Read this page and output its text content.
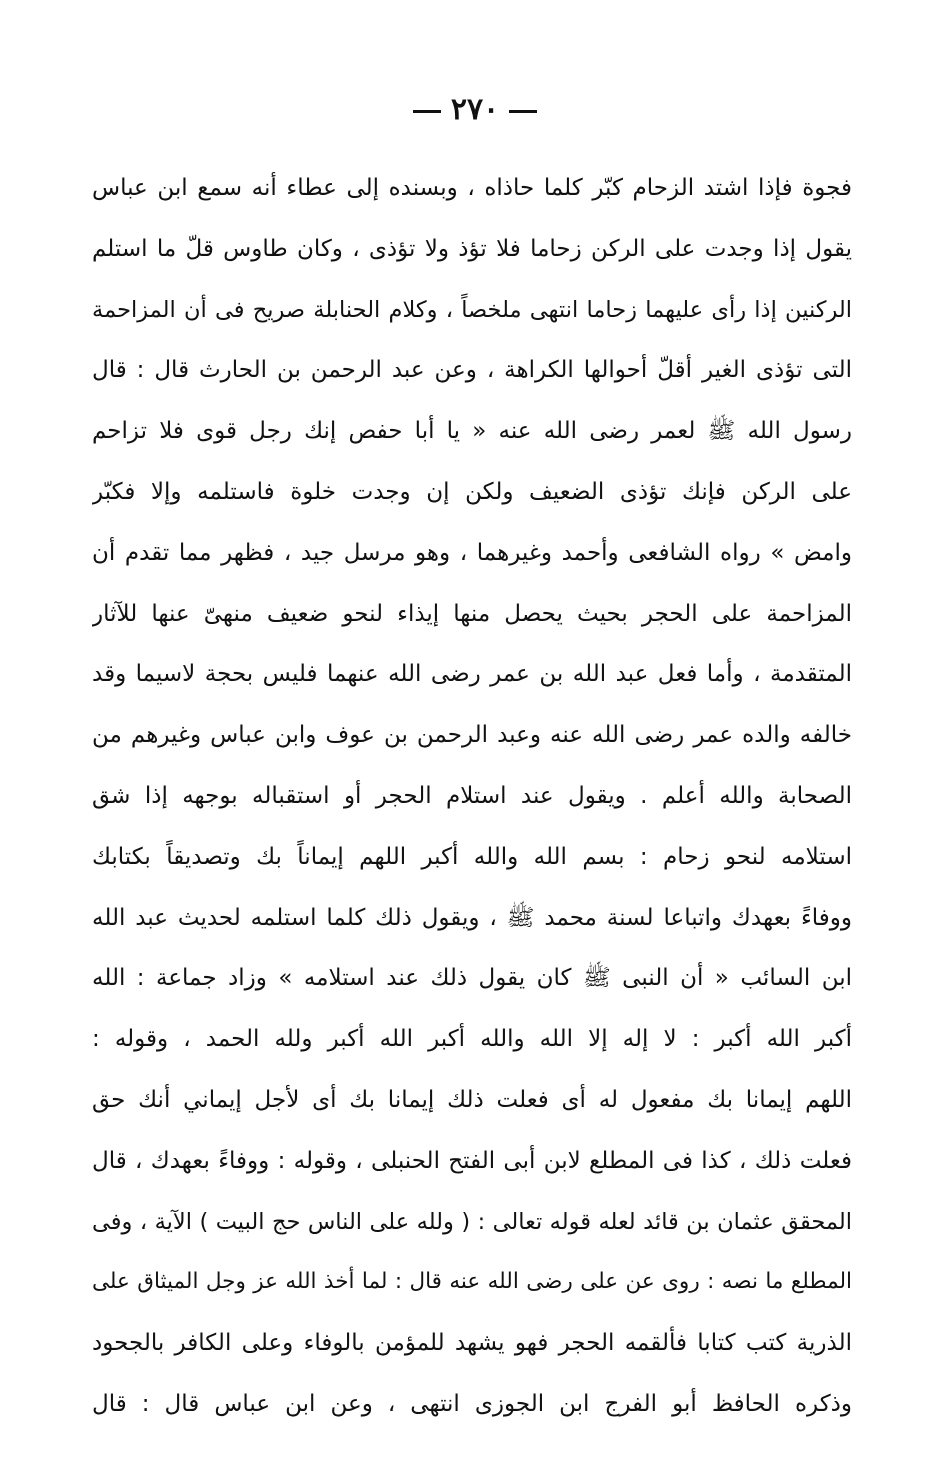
٢٧٠
فجوة فإذا اشتد الزحام كبّر كلما حاذاه ، وبسنده إلى عطاء أنه سمع ابن عباس
يقول إذا وجدت على الركن زحاما فلا تؤذ ولا تؤذى ، وكان طاوس قلّ ما استلم
الركنين إذا رأى عليهما زحاما انتهى ملخصاً ، وكلام الحنابلة صريح فى أن المزاحمة
التى تؤذى الغير أقلّ أحوالها الكراهة ، وعن عبد الرحمن بن الحارث قال : قال
رسول الله ﷺ لعمر رضى الله عنه « يا أبا حفص إنك رجل قوى فلا تزاحم
على الركن فإنك تؤذى الضعيف ولكن إن وجدت خلوة فاستلمه وإلا فكبّر
وامض » رواه الشافعى وأحمد وغيرهما ، وهو مرسل جيد ، فظهر مما تقدم أن
المزاحمة على الحجر بحيث يحصل منها إيذاء لنحو ضعيف منهىّ عنها للآثار
المتقدمة ، وأما فعل عبد الله بن عمر رضى الله عنهما فليس بحجة لاسيما وقد
خالفه والده عمر رضى الله عنه وعبد الرحمن بن عوف وابن عباس وغيرهم من
الصحابة والله أعلم . ويقول عند استلام الحجر أو استقباله بوجهه إذا شق
استلامه لنحو زحام : بسم الله والله أكبر اللهم إيماناً بك وتصديقاً بكتابك
ووفاءً بعهدك واتباعا لسنة محمد ﷺ ، ويقول ذلك كلما استلمه لحديث عبد الله
ابن السائب « أن النبى ﷺ كان يقول ذلك عند استلامه » وزاد جماعة : الله
أكبر الله أكبر : لا إله إلا الله والله أكبر الله أكبر ولله الحمد ، وقوله :
اللهم إيمانا بك مفعول له أى فعلت ذلك إيمانا بك أى لأجل إيماني أنك حق
فعلت ذلك ، كذا فى المطلع لابن أبى الفتح الحنبلى ، وقوله : ووفاءً بعهدك ، قال
المحقق عثمان بن قائد لعله قوله تعالى : ( ولله على الناس حج البيت ) الآية ، وفى
المطلع ما نصه : روى عن على رضى الله عنه قال : لما أخذ الله عز وجل الميثاق على
الذرية كتب كتابا فألقمه الحجر فهو يشهد للمؤمن بالوفاء وعلى الكافر بالجحود
وذكره الحافظ أبو الفرج ابن الجوزى انتهى ، وعن ابن عباس قال : قال
